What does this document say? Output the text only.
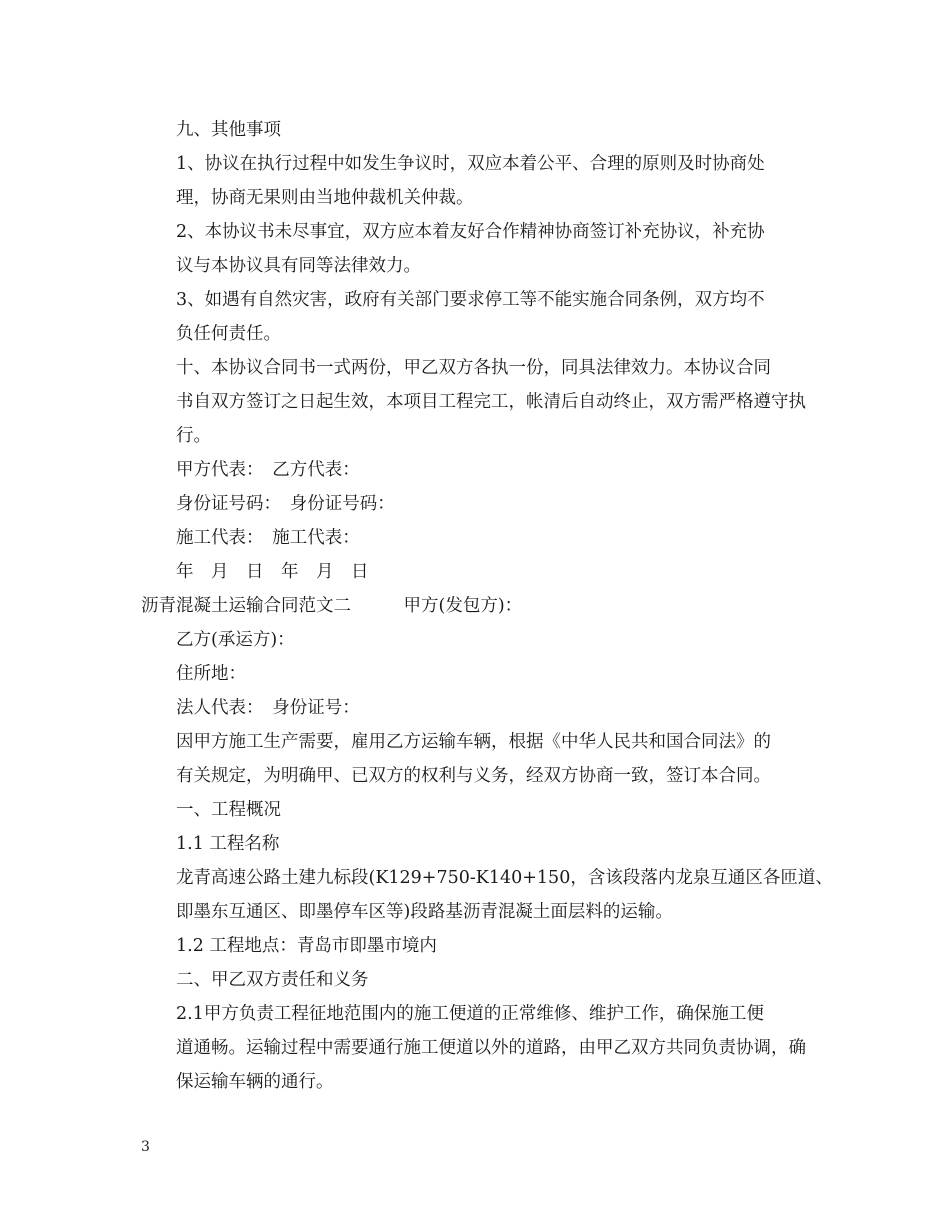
九、其他事项
1、协议在执行过程中如发生争议时，双应本着公平、合理的原则及时协商处
理，协商无果则由当地仲裁机关仲裁。
2、本协议书未尽事宜，双方应本着友好合作精神协商签订补充协议，补充协
议与本协议具有同等法律效力。
3、如遇有自然灾害，政府有关部门要求停工等不能实施合同条例，双方均不
负任何责任。
十、本协议合同书一式两份，甲乙双方各执一份，同具法律效力。本协议合同
书自双方签订之日起生效，本项目工程完工，帐清后自动终止，双方需严格遵守执
行。
甲方代表：　乙方代表：
身份证号码：　身份证号码：
施工代表：　施工代表：
年　月　日　年　月　日
沥青混凝土运输合同范文二　　　甲方(发包方)：
乙方(承运方)：
住所地：
法人代表：　身份证号：
因甲方施工生产需要，雇用乙方运输车辆，根据《中华人民共和国合同法》的
有关规定，为明确甲、已双方的权利与义务，经双方协商一致，签订本合同。
一、工程概况
1.1 工程名称
龙青高速公路土建九标段(K129+750-K140+150，含该段落内龙泉互通区各匝道、
即墨东互通区、即墨停车区等)段路基沥青混凝土面层料的运输。
1.2 工程地点：青岛市即墨市境内
二、甲乙双方责任和义务
2.1甲方负责工程征地范围内的施工便道的正常维修、维护工作，确保施工便
道通畅。运输过程中需要通行施工便道以外的道路，由甲乙双方共同负责协调，确
保运输车辆的通行。
3
